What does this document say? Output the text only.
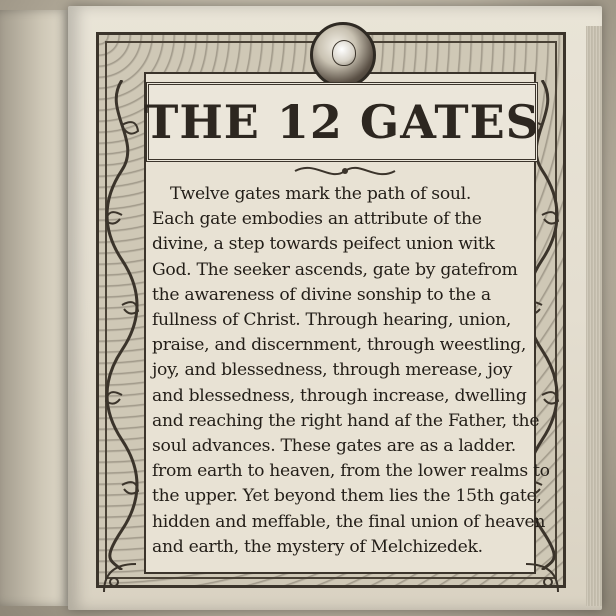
THE 12 GATES
Twelve gates mark the path of soul.
Each gate embodies an attribute of the
divine, a step towards peifect union witk
God. The seeker ascends, gate by gatefrom
the awareness of divine sonship to the a
fullness of Christ. Through hearing, union,
praise, and discernment, through weestling,
joy, and blessedness, through merease, joy
and blessedness, through increase, dwelling
and reaching the right hand af the Father, the
soul advances. These gates are as a ladder.
from earth to heaven, from the lower realms to
the upper. Yet beyond them lies the 15th gate,
hidden and meffable, the final union of heaven
and earth, the mystery of Melchizedek.
